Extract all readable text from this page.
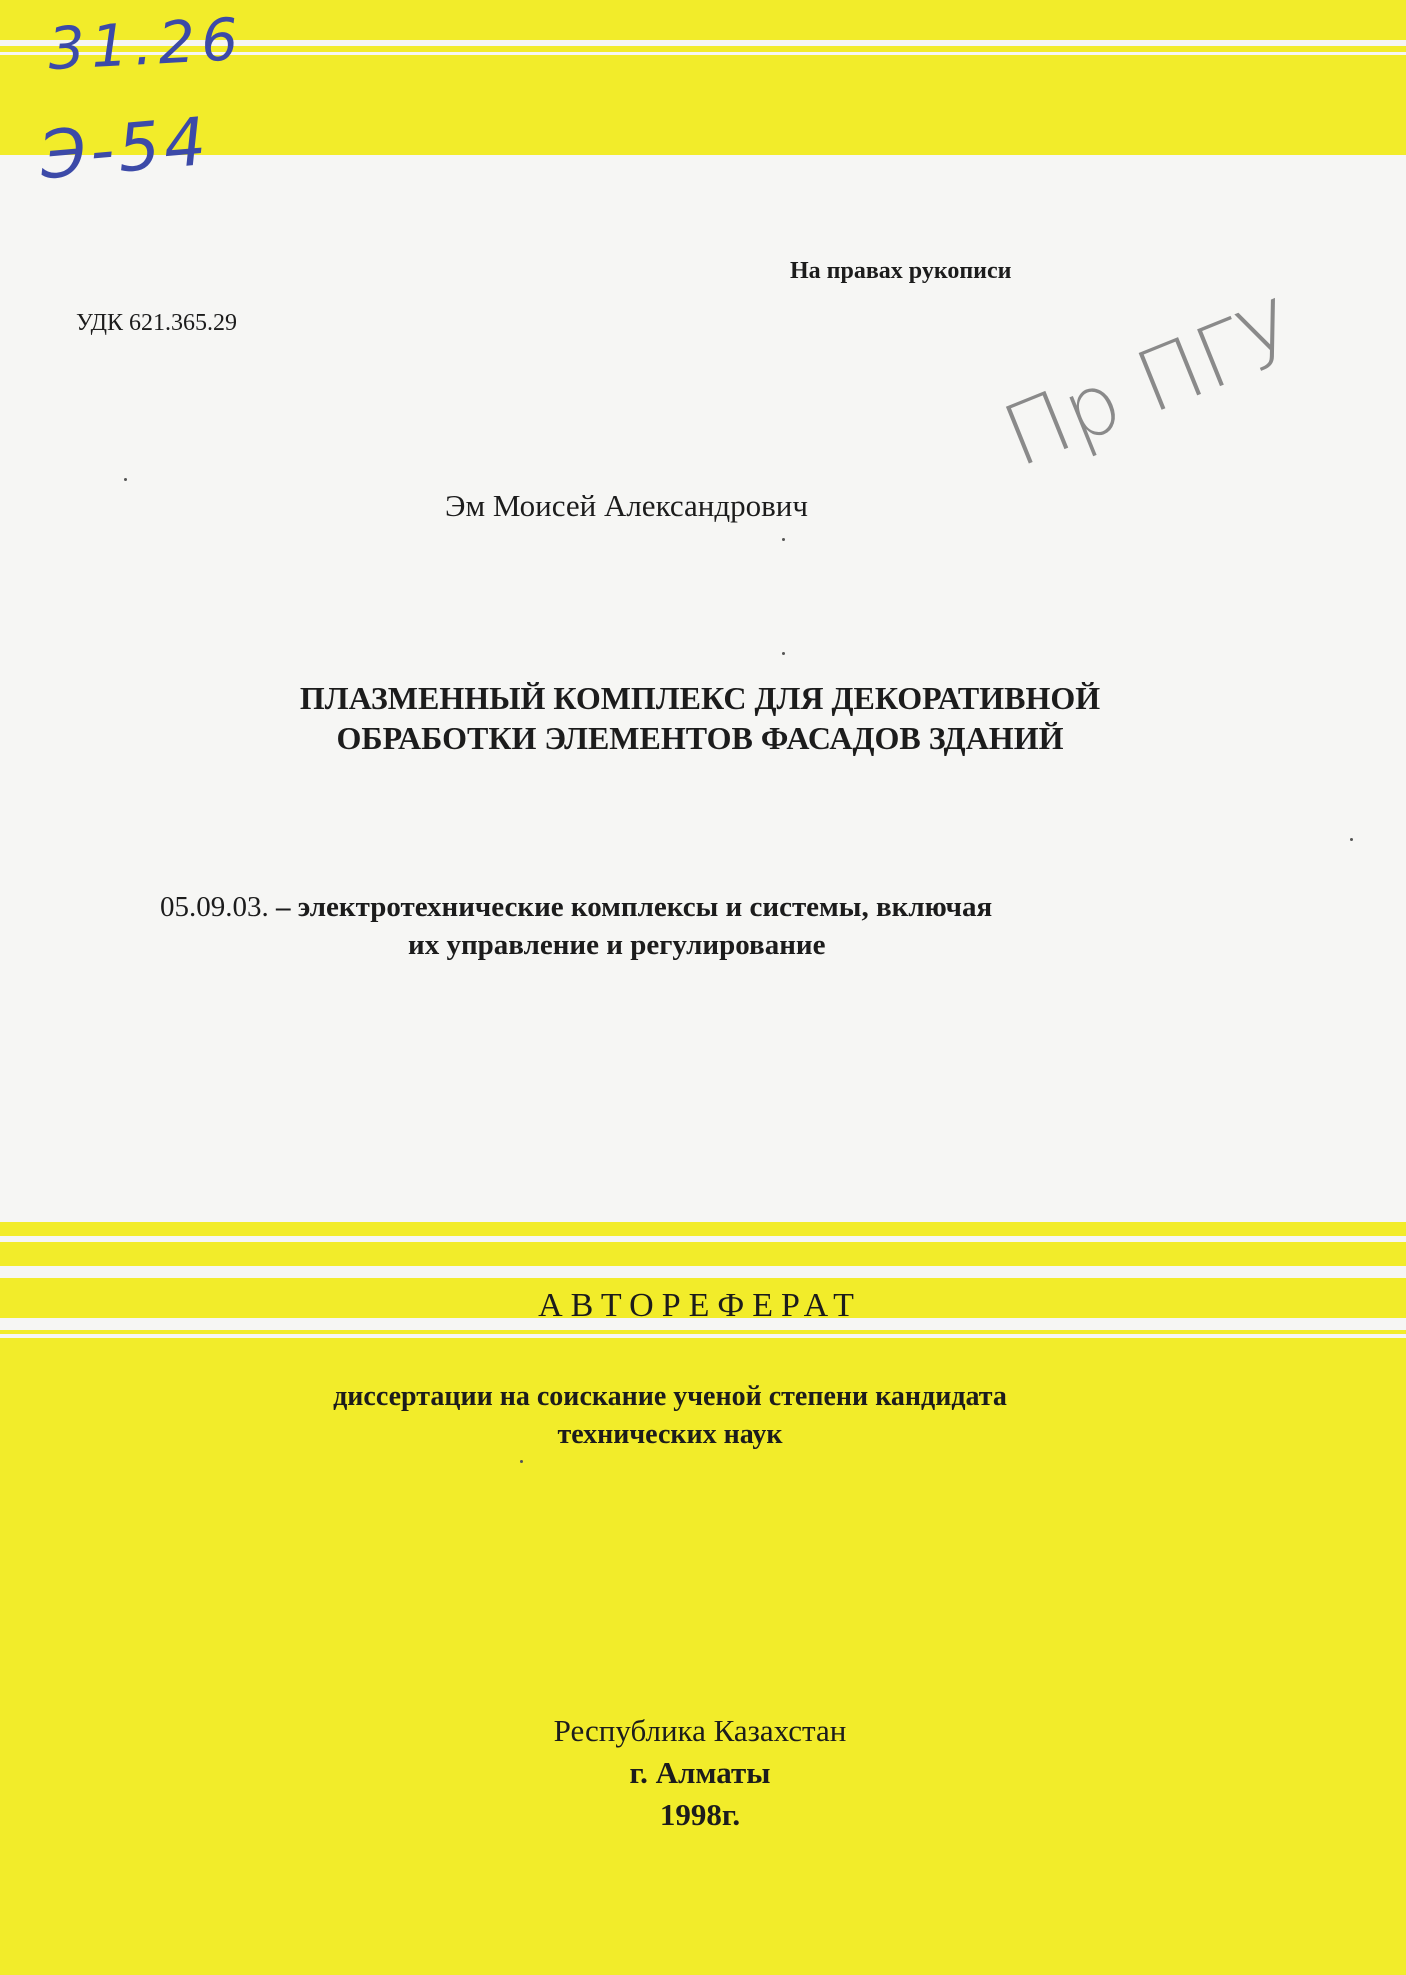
31.26

Э-54

Пр ПГУ

На правах рукописи

УДК 621.365.29

Эм Моисей Александрович

ПЛАЗМЕННЫЙ КОМПЛЕКС ДЛЯ ДЕКОРАТИВНОЙ
ОБРАБОТКИ ЭЛЕМЕНТОВ ФАСАДОВ ЗДАНИЙ
05.09.03. – электротехнические комплексы и системы, включая
их управление и регулирование

АВТОРЕФЕРАТ

диссертации на соискание ученой степени кандидата
технических наук
Республика Казахстан
г. Алматы
1998г.
